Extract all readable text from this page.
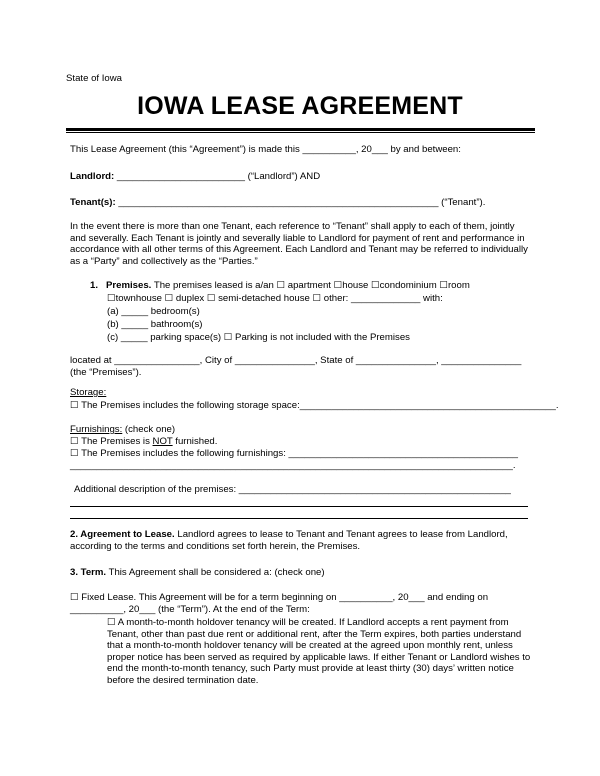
State of Iowa
IOWA LEASE AGREEMENT
This Lease Agreement (this “Agreement”) is made this __________, 20___ by and between:
Landlord: ________________________ (“Landlord”) AND
Tenant(s): ____________________________________________________________ (“Tenant”).
In the event there is more than one Tenant, each reference to “Tenant” shall apply to each of them, jointly and severally. Each Tenant is jointly and severally liable to Landlord for payment of rent and performance in accordance with all other terms of this Agreement. Each Landlord and Tenant may be referred to individually as a “Party” and collectively as the “Parties.”
1. Premises. The premises leased is a/an ☐ apartment ☐house ☐condominium ☐room
☐townhouse ☐ duplex ☐ semi-detached house ☐ other: _____________ with:
(a) _____ bedroom(s)
(b) _____ bathroom(s)
(c) _____ parking space(s) ☐ Parking is not included with the Premises
located at ________________, City of _______________, State of _______________, _______________
(the “Premises”).
Storage:
☐ The Premises includes the following storage space:________________________________________________.
Furnishings: (check one)
☐ The Premises is NOT furnished.
☐ The Premises includes the following furnishings: ___________________________________________
___________________________________________________________________________________.
Additional description of the premises: ___________________________________________________
2. Agreement to Lease. Landlord agrees to lease to Tenant and Tenant agrees to lease from Landlord, according to the terms and conditions set forth herein, the Premises.
3. Term. This Agreement shall be considered a: (check one)
☐ Fixed Lease. This Agreement will be for a term beginning on __________, 20___ and ending on
__________, 20___ (the “Term”). At the end of the Term:
☐ A month-to-month holdover tenancy will be created. If Landlord accepts a rent payment from Tenant, other than past due rent or additional rent, after the Term expires, both parties understand that a month-to-month holdover tenancy will be created at the agreed upon monthly rent, unless proper notice has been served as required by applicable laws. If either Tenant or Landlord wishes to end the month-to-month tenancy, such Party must provide at least thirty (30) days’ written notice before the desired termination date.
